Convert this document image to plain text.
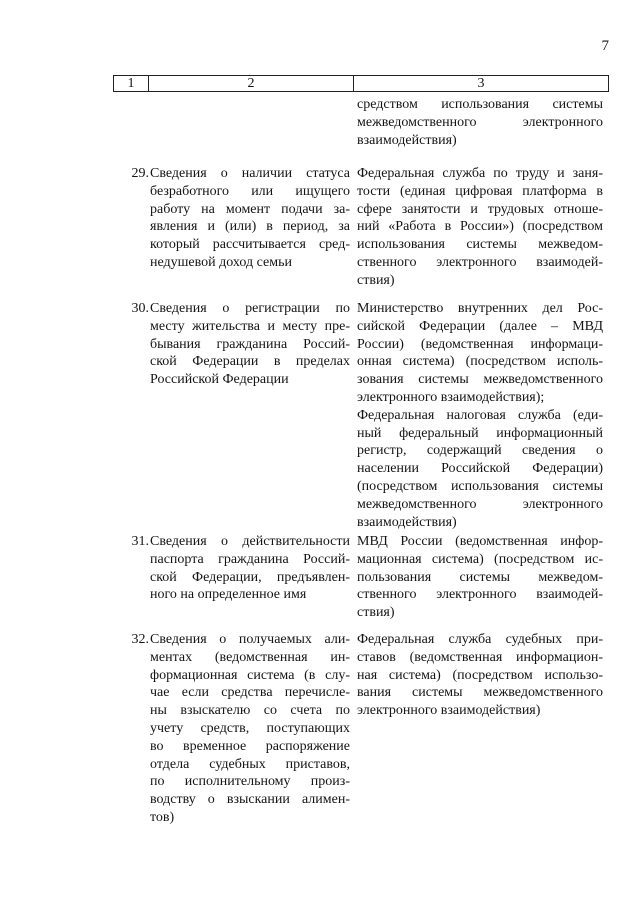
7
1	2	3
средством использования системы
межведомственного электронного
взаимодействия)
29. Сведения о наличии статуса
безработного или ищущего
работу на момент подачи за-
явления и (или) в период, за
который рассчитывается сред-
недушевой доход семьи
Федеральная служба по труду и заня-
тости (единая цифровая платформа в
сфере занятости и трудовых отноше-
ний «Работа в России») (посредством
использования системы межведом-
ственного электронного взаимодей-
ствия)
30. Сведения о регистрации по
месту жительства и месту пре-
бывания гражданина Россий-
ской Федерации в пределах
Российской Федерации
Министерство внутренних дел Рос-
сийской Федерации (далее – МВД
России) (ведомственная информаци-
онная система) (посредством исполь-
зования системы межведомственного
электронного взаимодействия);
Федеральная налоговая служба (еди-
ный федеральный информационный
регистр, содержащий сведения о
населении Российской Федерации)
(посредством использования системы
межведомственного электронного
взаимодействия)
31. Сведения о действительности
паспорта гражданина Россий-
ской Федерации, предъявлен-
ного на определенное имя
МВД России (ведомственная инфор-
мационная система) (посредством ис-
пользования системы межведом-
ственного электронного взаимодей-
ствия)
32. Сведения о получаемых али-
ментах (ведомственная ин-
формационная система (в слу-
чае если средства перечисле-
ны взыскателю со счета по
учету средств, поступающих
во временное распоряжение
отдела судебных приставов,
по исполнительному произ-
водству о взыскании алимен-
тов)
Федеральная служба судебных при-
ставов (ведомственная информацион-
ная система) (посредством использо-
вания системы межведомственного
электронного взаимодействия)
